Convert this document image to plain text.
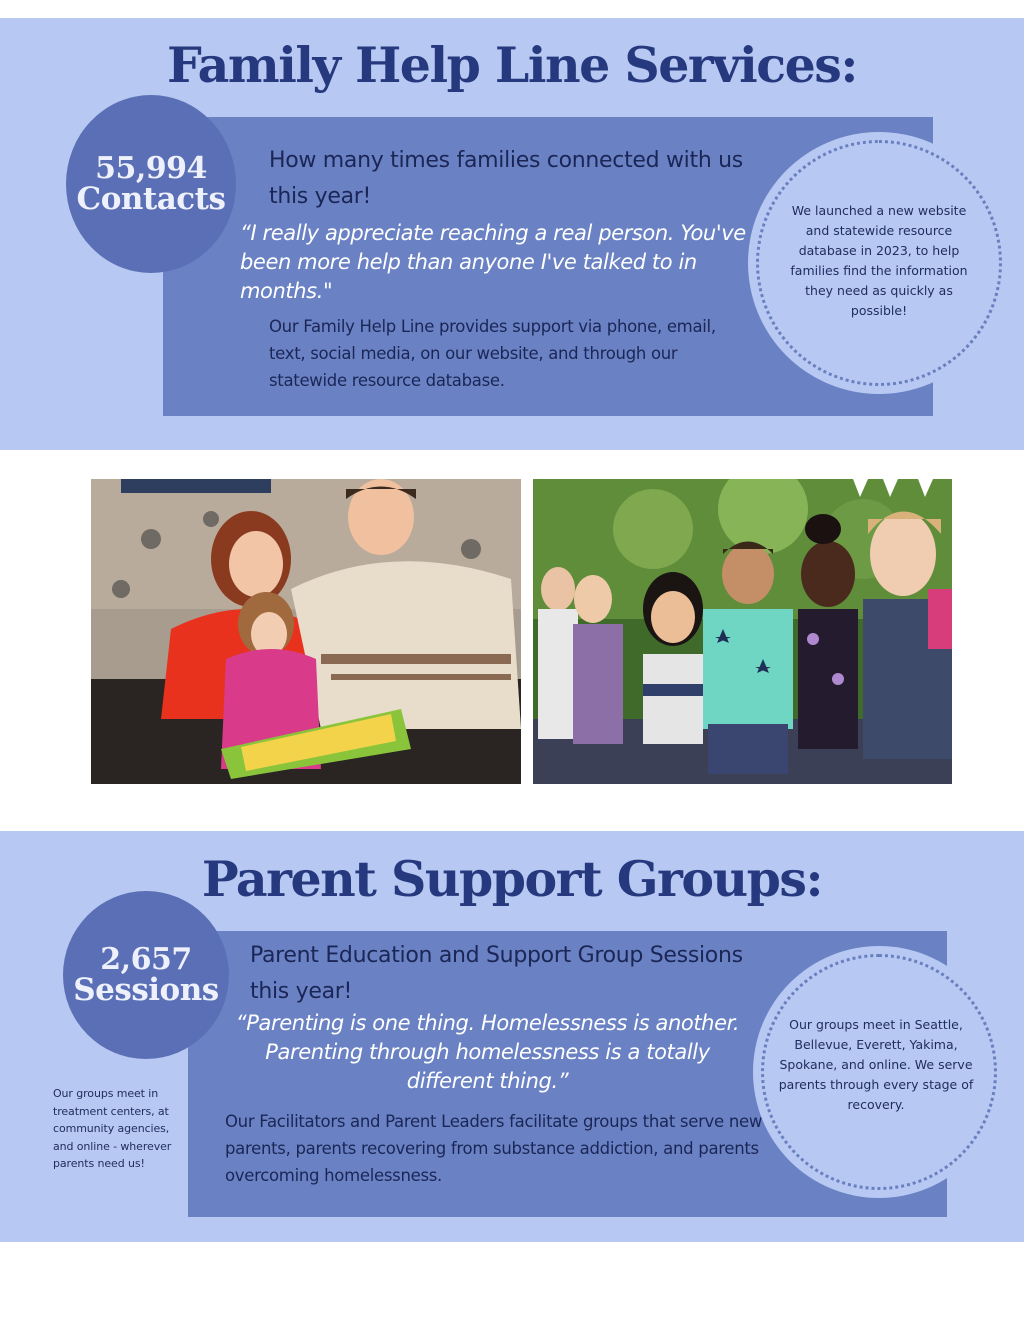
Family Help Line Services:
55,994
Contacts

How many times families connected with us this year!

“I really appreciate reaching a real person. You've been more help than anyone I've talked to in months."

Our Family Help Line provides support via phone, email, text, social media, on our website, and through our statewide resource database.

We launched a new website and statewide resource database in 2023, to help families find the information they need as quickly as possible!

Parent Support Groups:
2,657
Sessions

Parent Education and Support Group Sessions this year!

“Parenting is one thing. Homelessness is another. Parenting through homelessness is a totally different thing.”

Our Facilitators and Parent Leaders facilitate groups that serve new parents, parents recovering from substance addiction, and parents overcoming homelessness.

Our groups meet in treatment centers, at community agencies, and online - wherever parents need us!

Our groups meet in Seattle, Bellevue, Everett, Yakima, Spokane, and online. We serve parents through every stage of recovery.
